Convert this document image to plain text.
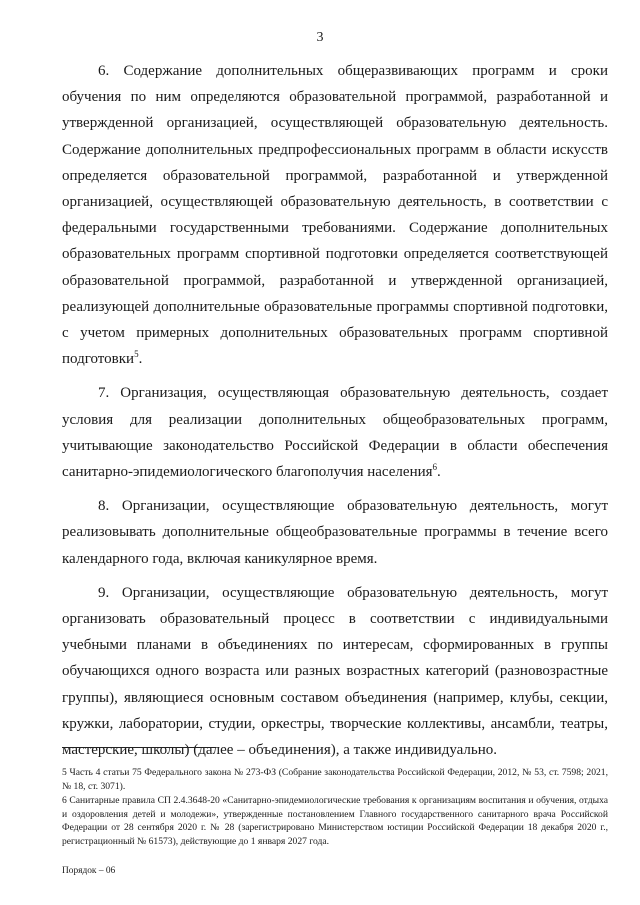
3

6. Содержание дополнительных общеразвивающих программ и сроки обучения по ним определяются образовательной программой, разработанной и утвержденной организацией, осуществляющей образовательную деятельность. Содержание дополнительных предпрофессиональных программ в области искусств определяется образовательной программой, разработанной и утвержденной организацией, осуществляющей образовательную деятельность, в соответствии с федеральными государственными требованиями. Содержание дополнительных образовательных программ спортивной подготовки определяется соответствующей образовательной программой, разработанной и утвержденной организацией, реализующей дополнительные образовательные программы спортивной подготовки, с учетом примерных дополнительных образовательных программ спортивной подготовки$^5$.

7. Организация, осуществляющая образовательную деятельность, создает условия для реализации дополнительных общеобразовательных программ, учитывающие законодательство Российской Федерации в области обеспечения санитарно-эпидемиологического благополучия населения$^6$.

8. Организации, осуществляющие образовательную деятельность, могут реализовывать дополнительные общеобразовательные программы в течение всего календарного года, включая каникулярное время.

9. Организации, осуществляющие образовательную деятельность, могут организовать образовательный процесс в соответствии с индивидуальными учебными планами в объединениях по интересам, сформированных в группы обучающихся одного возраста или разных возрастных категорий (разновозрастные группы), являющиеся основным составом объединения (например, клубы, секции, кружки, лаборатории, студии, оркестры, творческие коллективы, ансамбли, театры, мастерские, школы) (далее – объединения), а также индивидуально.

5 Часть 4 статьи 75 Федерального закона № 273-ФЗ (Собрание законодательства Российской Федерации, 2012, № 53, ст. 7598; 2021, № 18, ст. 3071).

6 Санитарные правила СП 2.4.3648-20 «Санитарно-эпидемиологические требования к организациям воспитания и обучения, отдыха и оздоровления детей и молодежи», утвержденные постановлением Главного государственного санитарного врача Российской Федерации от 28 сентября 2020 г. № 28 (зарегистрировано Министерством юстиции Российской Федерации 18 декабря 2020 г., регистрационный № 61573), действующие до 1 января 2027 года.

Порядок – 06
